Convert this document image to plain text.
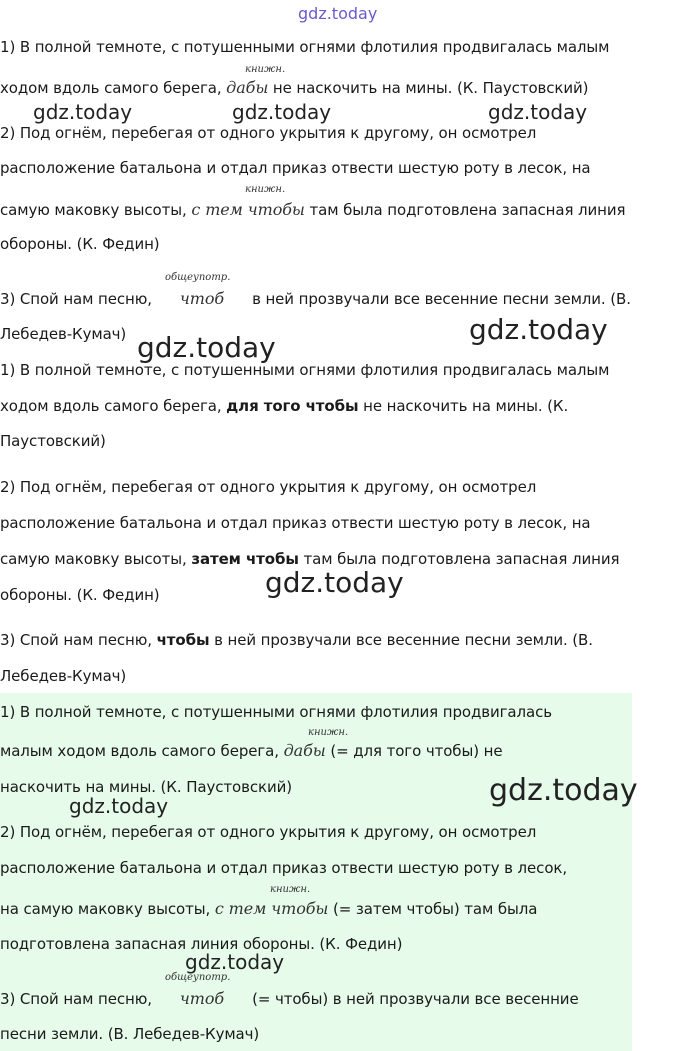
gdz.today
gdz.today	gdz.today	gdz.today
gdz.today
gdz.today
gdz.today
gdz.today
gdz.today
gdz.today
1) В полной темноте, с потушенными огнями флотилия продвигалась малым
книжн.
ходом вдоль самого берега, дабы не наскочить на мины. (К. Паустовский)
2) Под огнём, перебегая от одного укрытия к другому, он осмотрел
расположение батальона и отдал приказ отвести шестую роту в лесок, на
книжн.
самую маковку высоты, с тем чтобы там была подготовлена запасная линия
обороны. (К. Федин)
общеупотр.
3) Спой нам песню, чтоб в ней прозвучали все весенние песни земли. (В.
Лебедев-Кумач)
1) В полной темноте, с потушенными огнями флотилия продвигалась малым
ходом вдоль самого берега, для того чтобы не наскочить на мины. (К.
Паустовский)
2) Под огнём, перебегая от одного укрытия к другому, он осмотрел
расположение батальона и отдал приказ отвести шестую роту в лесок, на
самую маковку высоты, затем чтобы там была подготовлена запасная линия
обороны. (К. Федин)
3) Спой нам песню, чтобы в ней прозвучали все весенние песни земли. (В.
Лебедев-Кумач)
1) В полной темноте, с потушенными огнями флотилия продвигалась
книжн.
малым ходом вдоль самого берега, дабы (= для того чтобы) не
наскочить на мины. (К. Паустовский)
2) Под огнём, перебегая от одного укрытия к другому, он осмотрел
расположение батальона и отдал приказ отвести шестую роту в лесок,
книжн.
на самую маковку высоты, с тем чтобы (= затем чтобы) там была
подготовлена запасная линия обороны. (К. Федин)
общеупотр.
3) Спой нам песню, чтоб (= чтобы) в ней прозвучали все весенние
песни земли. (В. Лебедев-Кумач)
